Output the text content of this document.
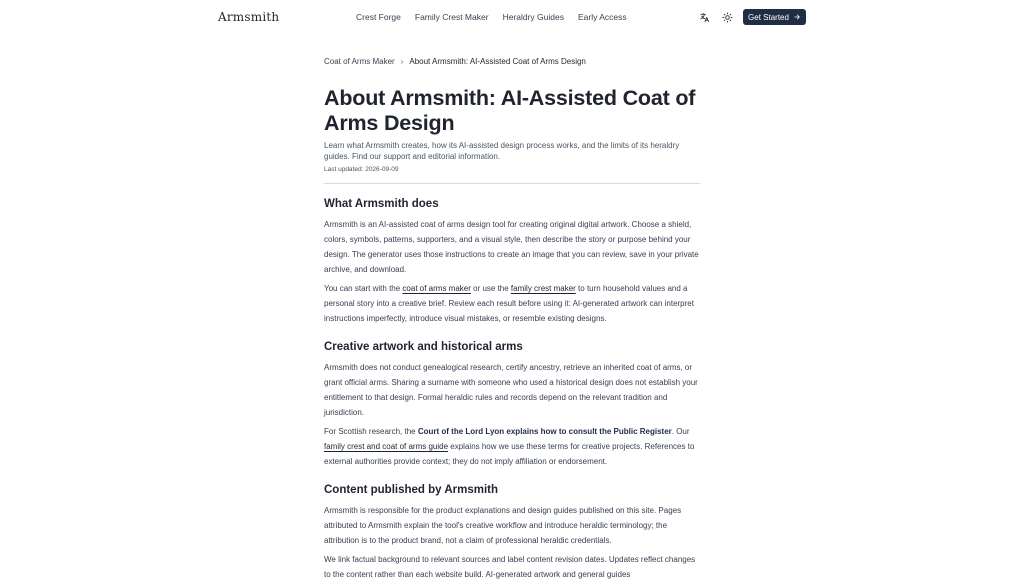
Armsmith	Crest Forge Family Crest Maker Heraldry Guides Early Access	Get Started
Coat of Arms Maker › About Armsmith: AI-Assisted Coat of Arms Design
About Armsmith: AI-Assisted Coat of Arms Design

Learn what Armsmith creates, how its AI-assisted design process works, and the limits of its heraldry guides. Find our support and editorial information.

Last updated: 2026-09-09

What Armsmith does

Armsmith is an AI-assisted coat of arms design tool for creating original digital artwork. Choose a shield, colors, symbols, patterns, supporters, and a visual style, then describe the story or purpose behind your design. The generator uses those instructions to create an image that you can review, save in your private archive, and download.

You can start with the coat of arms maker or use the family crest maker to turn household values and a personal story into a creative brief. Review each result before using it: AI-generated artwork can interpret instructions imperfectly, introduce visual mistakes, or resemble existing designs.

Creative artwork and historical arms

Armsmith does not conduct genealogical research, certify ancestry, retrieve an inherited coat of arms, or grant official arms. Sharing a surname with someone who used a historical design does not establish your entitlement to that design. Formal heraldic rules and records depend on the relevant tradition and jurisdiction.

For Scottish research, the Court of the Lord Lyon explains how to consult the Public Register. Our family crest and coat of arms guide explains how we use these terms for creative projects. References to external authorities provide context; they do not imply affiliation or endorsement.

Content published by Armsmith

Armsmith is responsible for the product explanations and design guides published on this site. Pages attributed to Armsmith explain the tool's creative workflow and introduce heraldic terminology; the attribution is to the product brand, not a claim of professional heraldic credentials.

We link factual background to relevant sources and label content revision dates. Updates reflect changes to the content rather than each website build. AI-generated artwork and general guides
